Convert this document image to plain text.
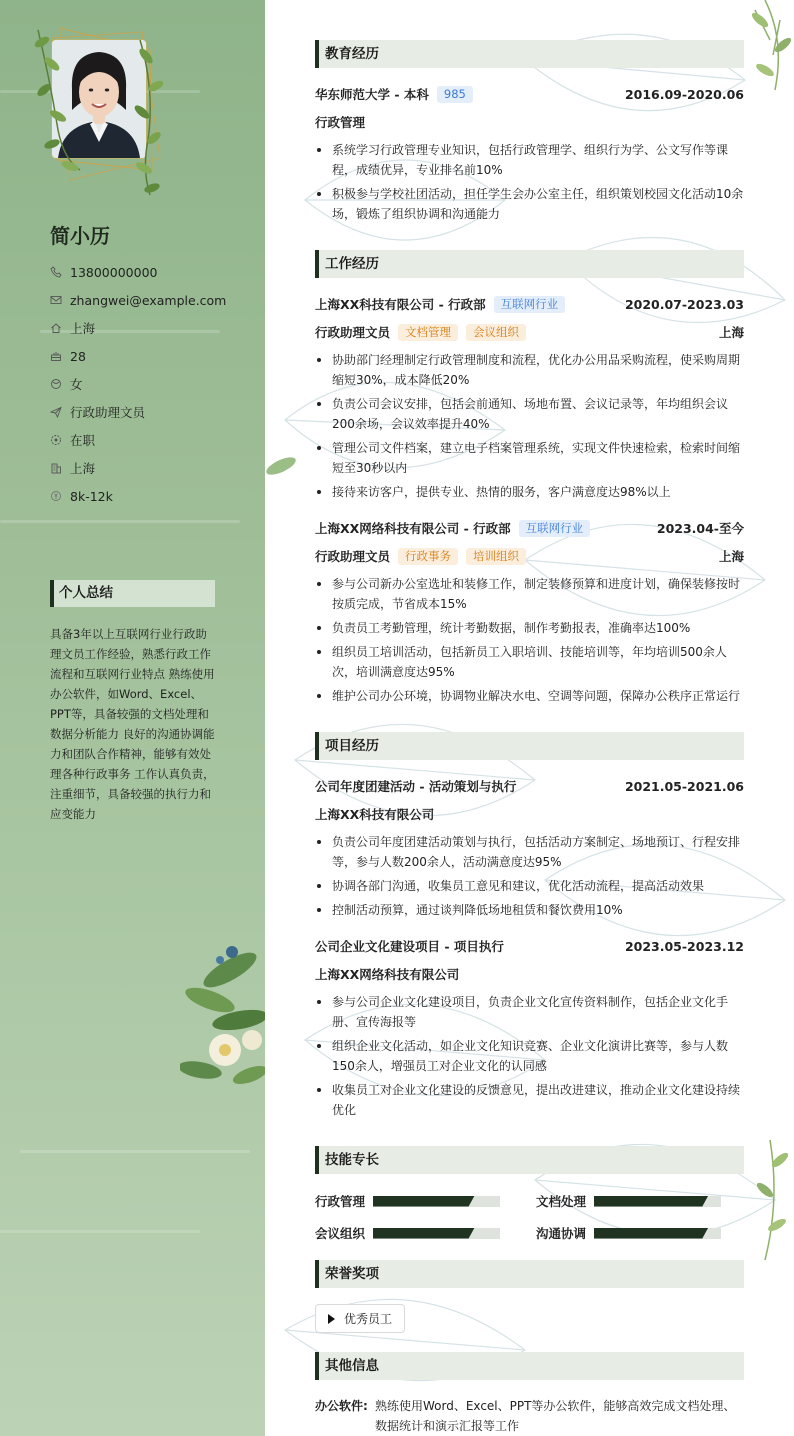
简小历
13800000000
zhangwei@example.com
上海
28
女
行政助理文员
在职
上海
8k-12k
个人总结
具备3年以上互联网行业行政助理文员工作经验，熟悉行政工作流程和互联网行业特点 熟练使用办公软件，如Word、Excel、PPT等，具备较强的文档处理和数据分析能力 良好的沟通协调能力和团队合作精神，能够有效处理各种行政事务 工作认真负责，注重细节，具备较强的执行力和应变能力
教育经历
华东师范大学 - 本科	985	2016.09-2020.06
行政管理
系统学习行政管理专业知识，包括行政管理学、组织行为学、公文写作等课程，成绩优异，专业排名前10%
积极参与学校社团活动，担任学生会办公室主任，组织策划校园文化活动10余场，锻炼了组织协调和沟通能力
工作经历
上海XX科技有限公司 - 行政部	互联网行业	2020.07-2023.03
行政助理文员	文档管理	会议组织	上海
协助部门经理制定行政管理制度和流程，优化办公用品采购流程，使采购周期缩短30%，成本降低20%
负责公司会议安排，包括会前通知、场地布置、会议记录等，年均组织会议200余场，会议效率提升40%
管理公司文件档案，建立电子档案管理系统，实现文件快速检索，检索时间缩短至30秒以内
接待来访客户，提供专业、热情的服务，客户满意度达98%以上
上海XX网络科技有限公司 - 行政部	互联网行业	2023.04-至今
行政助理文员	行政事务	培训组织	上海
参与公司新办公室选址和装修工作，制定装修预算和进度计划，确保装修按时按质完成，节省成本15%
负责员工考勤管理，统计考勤数据，制作考勤报表，准确率达100%
组织员工培训活动，包括新员工入职培训、技能培训等，年均培训500余人次，培训满意度达95%
维护公司办公环境，协调物业解决水电、空调等问题，保障办公秩序正常运行
项目经历
公司年度团建活动 - 活动策划与执行	2021.05-2021.06
上海XX科技有限公司
负责公司年度团建活动策划与执行，包括活动方案制定、场地预订、行程安排等，参与人数200余人，活动满意度达95%
协调各部门沟通，收集员工意见和建议，优化活动流程，提高活动效果
控制活动预算，通过谈判降低场地租赁和餐饮费用10%
公司企业文化建设项目 - 项目执行	2023.05-2023.12
上海XX网络科技有限公司
参与公司企业文化建设项目，负责企业文化宣传资料制作，包括企业文化手册、宣传海报等
组织企业文化活动，如企业文化知识竞赛、企业文化演讲比赛等，参与人数150余人，增强员工对企业文化的认同感
收集员工对企业文化建设的反馈意见，提出改进建议，推动企业文化建设持续优化
技能专长
行政管理	文档处理
会议组织	沟通协调
荣誉奖项
优秀员工
其他信息
办公软件: 熟练使用Word、Excel、PPT等办公软件，能够高效完成文档处理、数据统计和演示汇报等工作
